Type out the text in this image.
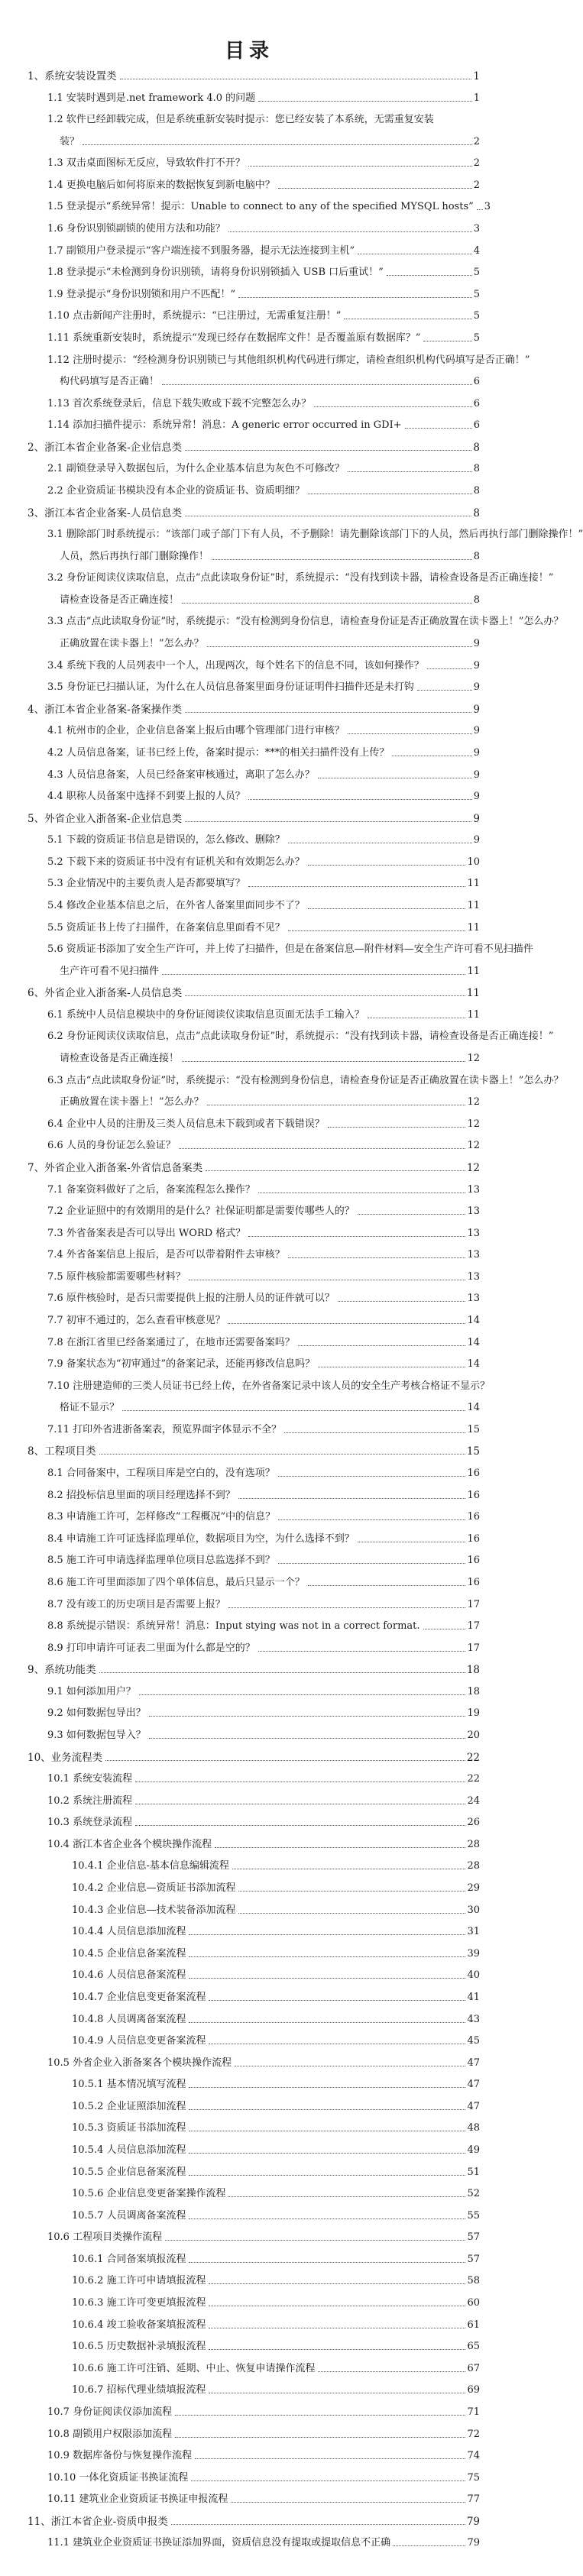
目录
1、系统安装设置类	1
1.1 安装时遇到是.net framework 4.0 的问题	1
1.2 软件已经卸载完成，但是系统重新安装时提示：您已经安装了本系统，无需重复安装
装？	2
1.3 双击桌面图标无反应，导致软件打不开？	2
1.4 更换电脑后如何将原来的数据恢复到新电脑中？	2
1.5 登录提示“系统异常！提示：Unable to connect to any of the specified MYSQL hosts” 3
1.6 身份识别锁副锁的使用方法和功能？	3
1.7 副锁用户登录提示“客户端连接不到服务器，提示无法连接到主机”	4
1.8 登录提示“未检测到身份识别锁，请将身份识别锁插入 USB 口后重试！”	5
1.9 登录提示“身份识别锁和用户不匹配！”	5
1.10 点击新闻产注册时，系统提示：“已注册过，无需重复注册！”	5
1.11 系统重新安装时，系统提示“发现已经存在数据库文件！是否覆盖原有数据库？”	5
1.12 注册时提示：“经检测身份识别锁已与其他组织机构代码进行绑定，请检查组织机构代码填写是否正确！”
构代码填写是否正确！	6
1.13 首次系统登录后，信息下载失败或下载不完整怎么办？	6
1.14 添加扫描件提示：系统异常！消息：A generic error occurred in GDI+	6
2、浙江本省企业备案-企业信息类	8
2.1 副锁登录导入数据包后，为什么企业基本信息为灰色不可修改？	8
2.2 企业资质证书模块没有本企业的资质证书、资质明细？	8
3、浙江本省企业备案-人员信息类	8
3.1 删除部门时系统提示：“该部门或子部门下有人员，不予删除！请先删除该部门下的人员，然后再执行部门删除操作！”
人员，然后再执行部门删除操作！	8
3.2 身份证阅读仪读取信息，点击“点此读取身份证”时，系统提示：“没有找到读卡器，请检查设备是否正确连接！”
请检查设备是否正确连接！	8
3.3 点击“点此读取身份证”时，系统提示：“没有检测到身份信息，请检查身份证是否正确放置在读卡器上！”怎么办？
正确放置在读卡器上！”怎么办？	9
3.4 系统下我的人员列表中一个人，出现两次，每个姓名下的信息不同，该如何操作？	9
3.5 身份证已扫描认证，为什么在人员信息备案里面身份证证明件扫描件还是未打钩	9
4、浙江本省企业备案-备案操作类	9
4.1 杭州市的企业，企业信息备案上报后由哪个管理部门进行审核？	9
4.2 人员信息备案，证书已经上传，备案时提示：***的相关扫描件没有上传？	9
4.3 人员信息备案，人员已经备案审核通过，离职了怎么办？	9
4.4 职称人员备案中选择不到要上报的人员？	9
5、外省企业入浙备案-企业信息类	9
5.1 下载的资质证书信息是错误的，怎么修改、删除？	9
5.2 下载下来的资质证书中没有有证机关和有效期怎么办？	10
5.3 企业情况中的主要负责人是否都要填写？	11
5.4 修改企业基本信息之后，在外省人备案里面同步不了？	11
5.5 资质证书上传了扫描件，在备案信息里面看不见？	11
5.6 资质证书添加了安全生产许可，并上传了扫描件，但是在备案信息—附件材料—安全生产许可看不见扫描件
生产许可看不见扫描件	11
6、外省企业入浙备案-人员信息类	11
6.1 系统中人员信息模块中的身份证阅读仪读取信息页面无法手工输入？	11
6.2 身份证阅读仪读取信息，点击“点此读取身份证”时，系统提示：“没有找到读卡器，请检查设备是否正确连接！”
请检查设备是否正确连接！	12
6.3 点击“点此读取身份证”时，系统提示：“没有检测到身份信息，请检查身份证是否正确放置在读卡器上！”怎么办？
正确放置在读卡器上！”怎么办？	12
6.4 企业中人员的注册及三类人员信息未下载到或者下载错误？	12
6.6 人员的身份证怎么验证？	12
7、外省企业入浙备案-外省信息备案类	12
7.1 备案资料做好了之后，备案流程怎么操作？	13
7.2 企业证照中的有效期用的是什么？社保证明都是需要传哪些人的？	13
7.3 外省备案表是否可以导出 WORD 格式？	13
7.4 外省备案信息上报后，是否可以带着附件去审核？	13
7.5 原件核验都需要哪些材料？	13
7.6 原件核验时，是否只需要提供上报的注册人员的证件就可以？	13
7.7 初审不通过的，怎么查看审核意见？	14
7.8 在浙江省里已经备案通过了，在地市还需要备案吗？	14
7.9 备案状态为“初审通过”的备案记录，还能再修改信息吗？	14
7.10 注册建造师的三类人员证书已经上传，在外省备案记录中该人员的安全生产考核合格证不显示？
格证不显示？	14
7.11 打印外省进浙备案表，预览界面字体显示不全？	15
8、工程项目类	15
8.1 合同备案中，工程项目库是空白的，没有选项？	16
8.2 招投标信息里面的项目经理选择不到？	16
8.3 申请施工许可，怎样修改“工程概况”中的信息？	16
8.4 申请施工许可证选择监理单位，数据项目为空，为什么选择不到？	16
8.5 施工许可申请选择监理单位项目总监选择不到？	16
8.6 施工许可里面添加了四个单体信息，最后只显示一个？	16
8.7 没有竣工的历史项目是否需要上报？	17
8.8 系统提示错误：系统异常！消息：Input stying was not in a correct format.	17
8.9 打印申请许可证表二里面为什么都是空的？	17
9、系统功能类	18
9.1 如何添加用户？	18
9.2 如何数据包导出？	19
9.3 如何数据包导入？	20
10、业务流程类	22
10.1 系统安装流程	22
10.2 系统注册流程	24
10.3 系统登录流程	26
10.4 浙江本省企业各个模块操作流程	28
10.4.1 企业信息-基本信息编辑流程	28
10.4.2 企业信息—资质证书添加流程	29
10.4.3 企业信息—技术装备添加流程	30
10.4.4 人员信息添加流程	31
10.4.5 企业信息备案流程	39
10.4.6 人员信息备案流程	40
10.4.7 企业信息变更备案流程	41
10.4.8 人员调离备案流程	43
10.4.9 人员信息变更备案流程	45
10.5 外省企业入浙备案各个模块操作流程	47
10.5.1 基本情况填写流程	47
10.5.2 企业证照添加流程	47
10.5.3 资质证书添加流程	48
10.5.4 人员信息添加流程	49
10.5.5 企业信息备案流程	51
10.5.6 企业信息变更备案操作流程	52
10.5.7 人员调离备案流程	55
10.6 工程项目类操作流程	57
10.6.1 合同备案填报流程	57
10.6.2 施工许可申请填报流程	58
10.6.3 施工许可变更填报流程	60
10.6.4 竣工验收备案填报流程	61
10.6.5 历史数据补录填报流程	65
10.6.6 施工许可注销、延期、中止、恢复申请操作流程	67
10.6.7 招标代理业绩填报流程	69
10.7 身份证阅读仪添加流程	71
10.8 副锁用户权限添加流程	72
10.9 数据库备份与恢复操作流程	74
10.10 一体化资质证书换证流程	75
10.11 建筑业企业资质证书换证申报流程	77
11、浙江本省企业-资质申报类	79
11.1 建筑业企业资质证书换证添加界面，资质信息没有提取或提取信息不正确	79
